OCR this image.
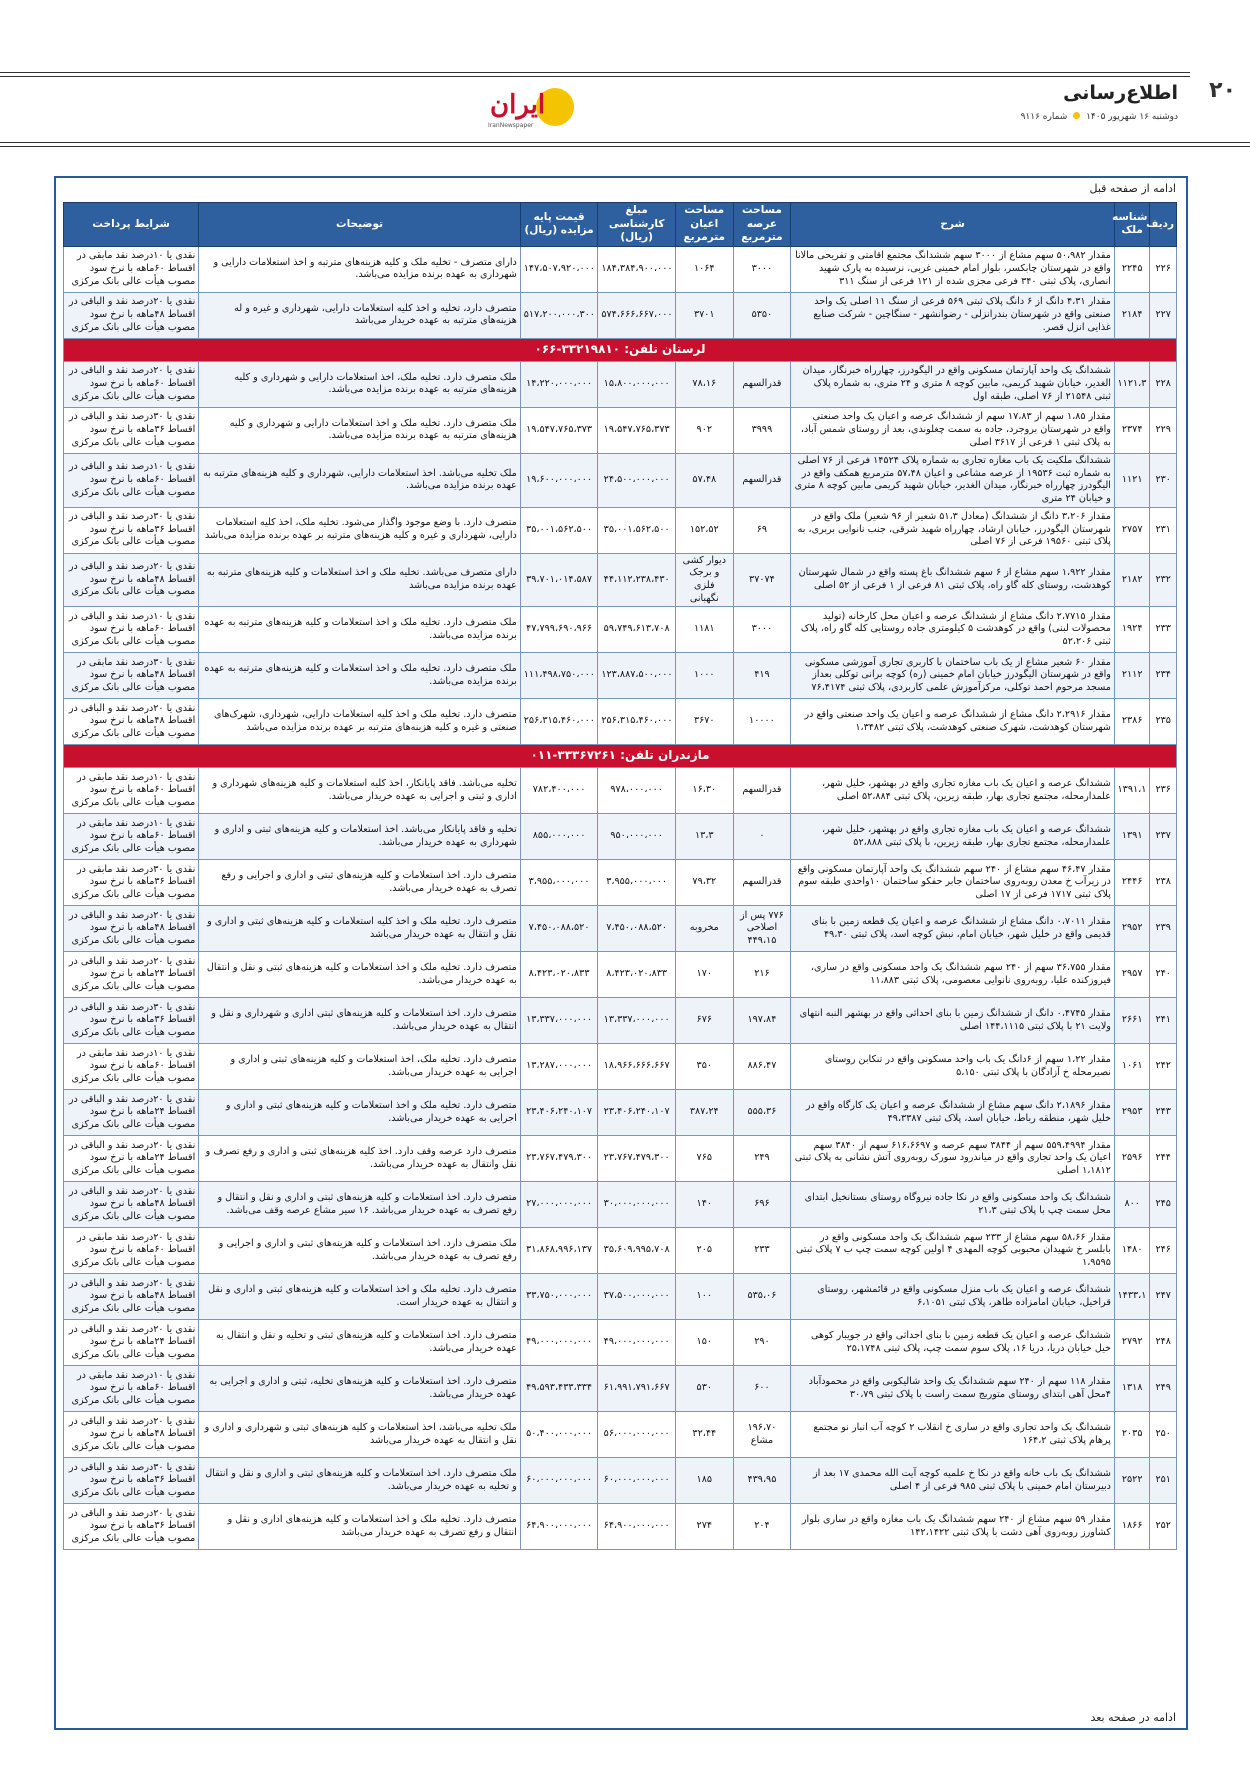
۲۰
اطلاع‌رسانی
دوشنبه ۱۶ شهریور ۱۴۰۵  شماره ۹۱۱۶
ایران
IranNewspaper
ادامه از صفحه قبل
ردیف	شناسه ملک	شرح	مساحت عرصه مترمربع	مساحت اعیان مترمربع	مبلغ کارشناسی (ریال)	قیمت پایه مزایده (ریال)	توضیحات	شرایط پرداخت
۲۲۶	۲۲۴۵	مقدار ۵۰،۹۸۲ سهم مشاع از ۳۰۰۰ سهم ششدانگ مجتمع اقامتی و تفریحی مالانا واقع در شهرستان چابکسر، بلوار امام خمینی غربی، نرسیده به پارک شهید انصاری، پلاک ثبتی ۳۴۰ فرعی مجزی شده از ۱۲۱ فرعی از سنگ ۳۱۱	۳۰۰۰	۱۰۶۴	۱۸۴،۳۸۴،۹۰۰،۰۰۰	۱۴۷،۵۰۷،۹۲۰،۰۰۰	دارای متصرف - تخلیه ملک و کلیه هزینه‌های مترتبه و اخذ استعلامات دارایی و شهرداری به عهده برنده مزایده می‌باشد.	نقدی یا ۱۰درصد نقد مابقی در اقساط ۶۰ماهه با نرخ سود مصوب هیأت عالی بانک مرکزی
۲۲۷	۲۱۸۴	مقدار ۴،۳۱ دانگ از ۶ دانگ پلاک ثبتی ۵۶۹ فرعی از سنگ ۱۱ اصلی یک واحد صنعتی واقع در شهرستان بندرانزلی - رضوانشهر - سنگاچین - شرکت صنایع غذایی انزل قصر.	۵۳۵۰	۳۷۰۱	۵۷۴،۶۶۶،۶۶۷،۰۰۰	۵۱۷،۲۰۰،۰۰۰،۳۰۰	متصرف دارد، تخلیه و اخذ کلیه استعلامات دارایی، شهرداری و غیره و له هزینه‌های مترتبه به عهده خریدار می‌باشد	نقدی یا ۲۰درصد نقد و الباقی در اقساط ۴۸ماهه با نرخ سود مصوب هیأت عالی بانک مرکزی
لرستان تلفن: ۳۳۲۱۹۸۱۰-۰۶۶								
۲۲۸	۱۱۲۱،۳	ششدانگ یک واحد آپارتمان مسکونی واقع در الیگودرز، چهارراه خبرنگار، میدان الغدیر، خیابان شهید کریمی، مابین کوچه ۸ متری و ۲۴ متری، به شماره پلاک ثبتی ۲۱۵۴۸ از ۷۶ اصلی، طبقه اول	قدرالسهم	۷۸،۱۶	۱۵،۸۰۰،۰۰۰،۰۰۰	۱۴،۲۲۰،۰۰۰،۰۰۰	ملک متصرف دارد. تخلیه ملک، اخذ استعلامات دارایی و شهرداری و کلیه هزینه‌های مترتبه به عهده برنده مزایده می‌باشد.	نقدی یا ۲۰درصد نقد و الباقی در اقساط ۶۰ماهه با نرخ سود مصوب هیأت عالی بانک مرکزی
۲۲۹	۲۳۷۴	مقدار ۱،۸۵ سهم از ۱۷،۸۳ سهم از ششدانگ عرصه و اعیان یک واحد صنعتی واقع در شهرستان بروجرد، جاده به سمت چغلوندی، بعد از روستای شمس آباد، به پلاک ثبتی ۱ فرعی از ۳۶۱۷ اصلی	۳۹۹۹	۹۰۲	۱۹،۵۴۷،۷۶۵،۳۷۳	۱۹،۵۴۷،۷۶۵،۳۷۳	ملک متصرف دارد. تخلیه ملک و اخذ استعلامات دارایی و شهرداری و کلیه هزینه‌های مترتبه به عهده برنده مزایده می‌باشد.	نقدی یا ۳۰درصد نقد و الباقی در اقساط ۳۶ماهه با نرخ سود مصوب هیأت عالی بانک مرکزی
۲۳۰	۱۱۲۱	ششدانگ ملکیت یک باب مغازه تجاری به شماره پلاک ۱۴۵۲۴ فرعی از ۷۶ اصلی به شماره ثبت ۱۹۵۳۶ از عرصه مشاعی و اعیان ۵۷،۴۸ مترمربع همکف واقع در الیگودرز چهارراه خبرنگار، میدان الغدیر، خیابان شهید کریمی مابین کوچه ۸ متری و خیابان ۲۴ متری	قدرالسهم	۵۷،۴۸	۲۴،۵۰۰،۰۰۰،۰۰۰	۱۹،۶۰۰،۰۰۰،۰۰۰	ملک تخلیه می‌باشد. اخذ استعلامات دارایی، شهرداری و کلیه هزینه‌های مترتبه به عهده برنده مزایده می‌باشد.	نقدی یا ۱۰درصد نقد و الباقی در اقساط ۶۰ماهه با نرخ سود مصوب هیأت عالی بانک مرکزی
۲۳۱	۲۷۵۷	مقدار ۳،۲۰۶ دانگ از ششدانگ (معادل ۵۱،۳ شعیر از ۹۶ شعیر) ملک واقع در شهرستان الیگودرز، خیابان ارشاد، چهارراه شهید شرقی، جنب نانوایی بربری، به پلاک ثبتی ۱۹۵۶۰ فرعی از ۷۶ اصلی	۶۹	۱۵۲،۵۲	۳۵،۰۰۱،۵۶۲،۵۰۰	۳۵،۰۰۱،۵۶۲،۵۰۰	متصرف دارد. با وضع موجود واگذار می‌شود. تخلیه ملک، اخذ کلیه استعلامات دارایی، شهرداری و غیره و کلیه هزینه‌های مترتبه بر عهده برنده مزایده می‌باشد	نقدی یا ۳۰درصد نقد و الباقی در اقساط ۳۶ماهه با نرخ سود مصوب هیأت عالی بانک مرکزی
۲۳۲	۲۱۸۲	مقدار ۱،۹۲۲ سهم مشاع از ۶ سهم ششدانگ باغ پسته واقع در شمال شهرستان کوهدشت، روستای کله گاو راه، پلاک ثبتی ۸۱ فرعی از ۱ فرعی از ۵۲ اصلی	۳۷۰۷۴	دیوار کشی و برجک فلزی نگهبانی	۴۴،۱۱۲،۲۳۸،۴۳۰	۳۹،۷۰۱،۰۱۴،۵۸۷	دارای متصرف می‌باشد. تخلیه ملک و اخذ استعلامات و کلیه هزینه‌های مترتبه به عهده برنده مزایده می‌باشد	نقدی یا ۲۰درصد نقد و الباقی در اقساط ۴۸ماهه با نرخ سود مصوب هیأت عالی بانک مرکزی
۲۳۳	۱۹۲۴	مقدار ۲،۷۷۱۵ دانگ مشاع از ششدانگ عرصه و اعیان محل کارخانه (تولید محصولات لبنی) واقع در کوهدشت ۵ کیلومتری جاده روستایی کله گاو راه، پلاک ثبتی ۵۲،۲۰۶	۳۰۰۰	۱۱۸۱	۵۹،۷۴۹،۶۱۳،۷۰۸	۴۷،۷۹۹،۶۹۰،۹۶۶	ملک متصرف دارد. تخلیه ملک و اخذ استعلامات و کلیه هزینه‌های مترتبه به عهده برنده مزایده می‌باشد.	نقدی یا ۱۰درصد نقد و الباقی در اقساط ۶۰ماهه با نرخ سود مصوب هیأت عالی بانک مرکزی
۲۳۴	۲۱۱۲	مقدار ۶۰ شعیر مشاع از یک باب ساختمان با کاربری تجاری آموزشی مسکونی واقع در شهرستان الیگودرز خیابان امام خمینی (ره) کوچه برانی توکلی بعداز مسجد مرحوم احمد توکلی، مرکزآموزش علمی کاربردی، پلاک ثبتی ۷۶،۴۱۷۴	۴۱۹	۱۰۰۰	۱۲۳،۸۸۷،۵۰۰،۰۰۰	۱۱۱،۴۹۸،۷۵۰،۰۰۰	ملک متصرف دارد. تخلیه ملک و اخذ استعلامات و کلیه هزینه‌های مترتبه به عهده برنده مزایده می‌باشد.	نقدی یا ۳۰درصد نقد مابقی در اقساط ۴۸ماهه با نرخ سود مصوب هیأت عالی بانک مرکزی
۲۳۵	۲۳۸۶	مقدار ۲،۲۹۱۶ دانگ مشاع از ششدانگ عرصه و اعیان یک واحد صنعتی واقع در شهرستان کوهدشت، شهرک صنعتی کوهدشت، پلاک ثبتی ۱،۳۴۸۲	۱۰۰۰۰	۳۶۷۰	۲۵۶،۳۱۵،۴۶۰،۰۰۰	۲۵۶،۳۱۵،۴۶۰،۰۰۰	متصرف دارد. تخلیه ملک و اخذ کلیه استعلامات دارایی، شهرداری، شهرک‌های صنعتی و غیره و کلیه هزینه‌های مترتبه بر عهده برنده مزایده می‌باشد	نقدی یا ۲۰درصد نقد و الباقی در اقساط ۴۸ماهه با نرخ سود مصوب هیأت عالی بانک مرکزی
مازندران تلفن: ۳۳۳۶۷۲۶۱-۰۱۱								
۲۳۶	۱۳۹۱،۱	ششدانگ عرصه و اعیان یک باب مغازه تجاری واقع در بهشهر، خلیل شهر، علمدارمحله، مجتمع تجاری بهار، طبقه زیرین، پلاک ثبتی ۵۲،۸۸۴ اصلی	قدرالسهم	۱۶،۳۰	۹۷۸،۰۰۰،۰۰۰	۷۸۲،۴۰۰،۰۰۰	تخلیه می‌باشد. فاقد پایانکار، اخذ کلیه استعلامات و کلیه هزینه‌های شهرداری و اداری و ثبتی و اجرایی به عهده خریدار می‌باشد.	نقدی یا ۱۰درصد نقد مابقی در اقساط ۶۰ماهه با نرخ سود مصوب هیأت عالی بانک مرکزی
۲۳۷	۱۳۹۱	ششدانگ عرصه و اعیان یک باب مغازه تجاری واقع در بهشهر، خلیل شهر، علمدارمحله، مجتمع تجاری بهار، طبقه زیرین، با پلاک ثبتی ۵۲،۸۸۸	۰	۱۳،۳	۹۵۰،۰۰۰،۰۰۰	۸۵۵،۰۰۰،۰۰۰	تخلیه و فاقد پایانکار می‌باشد. اخذ استعلامات و کلیه هزینه‌های ثبتی و اداری و شهرداری به عهده خریدار می‌باشد.	نقدی یا ۱۰درصد نقد مابقی در اقساط ۶۰ماهه با نرخ سود مصوب هیأت عالی بانک مرکزی
۲۳۸	۲۴۴۶	مقدار ۴۶،۴۷ سهم مشاع از ۲۴۰ سهم ششدانگ یک واحد آپارتمان مسکونی واقع در زیرآب خ معدن روبه‌روی ساختمان جابر حفکو ساختمان ۱۰واحدی طبقه سوم پلاک ثبتی ۱۷۱۷ فرعی از ۱۷ اصلی	قدرالسهم	۷۹،۳۲	۳،۹۵۵،۰۰۰،۰۰۰	۳،۹۵۵،۰۰۰،۰۰۰	متصرف دارد. اخذ استعلامات و کلیه هزینه‌های ثبتی و اداری و اجرایی و رفع تصرف به عهده خریدار می‌باشد.	نقدی یا ۳۰درصد نقد مابقی در اقساط ۳۶ماهه با نرخ سود مصوب هیأت عالی بانک مرکزی
۲۳۹	۲۹۵۲	مقدار ۰،۷۰۱۱ دانگ مشاع از ششدانگ عرصه و اعیان یک قطعه زمین با بنای قدیمی واقع در خلیل شهر، خیابان امام، نبش کوچه اسد، پلاک ثبتی ۴۹،۳۰	۷۷۶ پس از اصلاحی ۴۴۹،۱۵	مخروبه	۷،۴۵۰،۰۸۸،۵۲۰	۷،۴۵۰،۰۸۸،۵۲۰	متصرف دارد. تخلیه ملک و اخذ کلیه استعلامات و کلیه هزینه‌های ثبتی و اداری و نقل و انتقال به عهده خریدار می‌باشد	نقدی یا ۲۰درصد نقد و الباقی در اقساط ۴۸ماهه با نرخ سود مصوب هیأت عالی بانک مرکزی
۲۴۰	۲۹۵۷	مقدار ۳۶،۷۵۵ سهم از ۲۴۰ سهم ششدانگ یک واحد مسکونی واقع در ساری، فیروزکنده علیا، روبه‌روی نانوایی معصومی، پلاک ثبتی ۱۱،۸۸۳	۲۱۶	۱۷۰	۸،۴۲۳،۰۲۰،۸۳۳	۸،۴۲۳،۰۲۰،۸۳۳	متصرف دارد. تخلیه ملک و اخذ استعلامات و کلیه هزینه‌های ثبتی و نقل و انتقال به عهده خریدار می‌باشد.	نقدی یا ۲۰درصد نقد و الباقی در اقساط ۲۴ماهه با نرخ سود مصوب هیأت عالی بانک مرکزی
۲۴۱	۲۶۶۱	مقدار ۰،۴۷۴۵ دانگ از ششدانگ زمین با بنای احداثی واقع در بهشهر النبه انتهای ولایت ۲۱ با پلاک ثبتی ۱۴۴،۱۱۱۵ اصلی	۱۹۷،۸۴	۶۷۶	۱۳،۳۳۷،۰۰۰،۰۰۰	۱۳،۳۳۷،۰۰۰،۰۰۰	متصرف دارد. اخذ استعلامات و کلیه هزینه‌های ثبتی اداری و شهرداری و نقل و انتقال به عهده خریدار می‌باشد.	نقدی یا ۳۰درصد نقد و الباقی در اقساط ۳۶ماهه با نرخ سود مصوب هیأت عالی بانک مرکزی
۲۴۲	۱۰۶۱	مقدار ۱،۲۲ سهم از ۶دانگ یک باب واحد مسکونی واقع در تنکابن روستای نصیرمحله خ آزادگان با پلاک ثبتی ۵،۱۵۰	۸۸۶،۴۷	۳۵۰	۱۸،۹۶۶،۶۶۶،۶۶۷	۱۳،۲۸۷،۰۰۰،۰۰۰	متصرف دارد. تخلیه ملک، اخذ استعلامات و کلیه هزینه‌های ثبتی و اداری و اجرایی به عهده خریدار می‌باشد.	نقدی یا ۱۰درصد نقد مابقی در اقساط ۶۰ماهه با نرخ سود مصوب هیأت عالی بانک مرکزی
۲۴۳	۲۹۵۳	مقدار ۲،۱۸۹۶ دانگ سهم مشاع از ششدانگ عرصه و اعیان یک کارگاه واقع در خلیل شهر، منطقه رباط، خیابان اسد، پلاک ثبتی ۴۹،۳۳۸۷	۵۵۵،۳۶	۳۸۷،۲۴	۲۳،۴۰۶،۲۴۰،۱۰۷	۲۳،۴۰۶،۲۴۰،۱۰۷	متصرف دارد. تخلیه ملک و اخذ استعلامات و کلیه هزینه‌های ثبتی و اداری و اجرایی به عهده خریدار می‌باشد.	نقدی یا ۲۰درصد نقد و الباقی در اقساط ۲۴ماهه با نرخ سود مصوب هیأت عالی بانک مرکزی
۲۴۴	۲۵۹۶	مقدار ۵۵۹،۴۹۹۴ سهم از ۳۸۴۴ سهم عرصه و ۶۱۶،۶۶۹۷ سهم از ۳۸۴۰ سهم اعیان یک واحد تجاری واقع در میاندرود سورک روبه‌روی آتش نشانی به پلاک ثبتی ۱،۱۸۱۲ اصلی	۲۴۹	۷۶۵	۲۳،۷۶۷،۴۷۹،۳۰۰	۲۳،۷۶۷،۴۷۹،۳۰۰	متصرف دارد عرصه وقف دارد. اخذ کلیه هزینه‌های ثبتی و اداری و رفع تصرف و نقل وانتقال به عهده خریدار می‌باشد.	نقدی یا ۲۰درصد نقد و الباقی در اقساط ۲۴ماهه با نرخ سود مصوب هیأت عالی بانک مرکزی
۲۴۵	۸۰۰	ششدانگ یک واحد مسکونی واقع در نکا جاده نیروگاه روستای بستانخیل ابتدای محل سمت چپ با پلاک ثبتی ۲۱،۳	۶۹۶	۱۴۰	۳۰،۰۰۰،۰۰۰،۰۰۰	۲۷،۰۰۰،۰۰۰،۰۰۰	متصرف دارد. اخذ استعلامات و کلیه هزینه‌های ثبتی و اداری و نقل و انتقال و رفع تصرف به عهده خریدار می‌باشد. ۱۶ سیر مشاع عرصه وقف می‌باشد.	نقدی یا ۲۰درصد نقد و الباقی در اقساط ۴۸ماهه با نرخ سود مصوب هیأت عالی بانک مرکزی
۲۴۶	۱۴۸۰	مقدار ۵۸،۶۶ سهم مشاع از ۲۳۳ سهم ششدانگ یک واحد مسکونی واقع در بابلسر خ شهیدان محبوبی کوچه المهدی ۴ اولین کوچه سمت چپ ب ۷ پلاک ثبتی ۱،۹۵۹۵	۲۳۳	۲۰۵	۳۵،۶۰۹،۹۹۵،۷۰۸	۳۱،۸۶۸،۹۹۶،۱۳۷	ملک متصرف دارد. اخذ استعلامات و کلیه هزینه‌های ثبتی و اداری و اجرایی و رفع تصرف به عهده خریدار می‌باشد.	نقدی یا ۲۰درصد نقد مابقی در اقساط ۶۰ماهه با نرخ سود مصوب هیأت عالی بانک مرکزی
۲۴۷	۱۴۳۳،۱	ششدانگ عرصه و اعیان یک باب منزل مسکونی واقع در قائمشهر، روستای قراخیل، خیابان امامزاده طاهر، پلاک ثبتی ۶،۱۰۵۱	۵۳۵،۰۶	۱۰۰	۳۷،۵۰۰،۰۰۰،۰۰۰	۳۳،۷۵۰،۰۰۰،۰۰۰	متصرف دارد. تخلیه ملک و اخذ استعلامات و کلیه هزینه‌های ثبتی و اداری و نقل و انتقال به عهده خریدار است.	نقدی یا ۲۰درصد نقد و الباقی در اقساط ۴۸ماهه با نرخ سود مصوب هیأت عالی بانک مرکزی
۲۴۸	۲۷۹۲	ششدانگ عرصه و اعیان یک قطعه زمین با بنای احداثی واقع در جویبار کوهی خیل خیابان دریا، دریا ۱۶، پلاک سوم سمت چپ، پلاک ثبتی ۲۵،۱۷۴۸	۲۹۰	۱۵۰	۴۹،۰۰۰،۰۰۰،۰۰۰	۴۹،۰۰۰،۰۰۰،۰۰۰	متصرف دارد. اخذ استعلامات و کلیه هزینه‌های ثبتی و تخلیه و نقل و انتقال به عهده خریدار می‌باشد.	نقدی یا ۲۰درصد نقد و الباقی در اقساط ۲۴ماهه با نرخ سود مصوب هیأت عالی بانک مرکزی
۲۴۹	۱۳۱۸	مقدار ۱۱۸ سهم از ۲۴۰ سهم ششدانگ یک واحد شالیکوبی واقع در محمودآباد ۴محل آهی ابتدای روستای متوریج سمت راست با پلاک ثبتی ۳۰،۷۹	۶۰۰	۵۳۰	۶۱،۹۹۱،۷۹۱،۶۶۷	۴۹،۵۹۳،۴۳۳،۳۳۴	متصرف دارد. اخذ استعلامات و کلیه هزینه‌های تخلیه، ثبتی و اداری و اجرایی به عهده خریدار می‌باشد.	نقدی یا ۱۰درصد نقد مابقی در اقساط ۶۰ماهه با نرخ سود مصوب هیأت عالی بانک مرکزی
۲۵۰	۲۰۳۵	ششدانگ یک واحد تجاری واقع در ساری خ انقلاب ۲ کوچه آب انبار نو مجتمع پرهام پلاک ثبتی ۱۶۴،۲	۱۹۶،۷۰ مشاع	۳۲،۴۴	۵۶،۰۰۰،۰۰۰،۰۰۰	۵۰،۴۰۰،۰۰۰،۰۰۰	ملک تخلیه می‌باشد، اخذ استعلامات و کلیه هزینه‌های ثبتی و شهرداری و اداری و نقل و انتقال به عهده خریدار می‌باشد	نقدی یا ۲۰درصد نقد و الباقی در اقساط ۴۸ماهه با نرخ سود مصوب هیأت عالی بانک مرکزی
۲۵۱	۲۵۲۲	ششدانگ یک باب خانه واقع در نکا خ علمیه کوچه آیت الله محمدی ۱۷ بعد از دبیرستان امام خمینی با پلاک ثبتی ۹۸۵ فرعی از ۴ اصلی	۴۳۹،۹۵	۱۸۵	۶۰،۰۰۰،۰۰۰،۰۰۰	۶۰،۰۰۰،۰۰۰،۰۰۰	ملک متصرف دارد. اخذ استعلامات و کلیه هزینه‌های ثبتی و اداری و نقل و انتقال و تخلیه به عهده خریدار می‌باشد.	نقدی یا ۳۰درصد نقد و الباقی در اقساط ۳۶ماهه با نرخ سود مصوب هیأت عالی بانک مرکزی
۲۵۲	۱۸۶۶	مقدار ۵۹ سهم مشاع از ۲۴۰ سهم ششدانگ یک باب مغازه واقع در ساری بلوار کشاورز روبه‌روی آهی دشت با پلاک ثبتی ۱۴۲،۱۴۲۲	۲۰۴	۲۷۴	۶۴،۹۰۰،۰۰۰،۰۰۰	۶۴،۹۰۰،۰۰۰،۰۰۰	متصرف دارد. تخلیه ملک و اخذ استعلامات و کلیه هزینه‌های اداری و نقل و انتقال و رفع تصرف به عهده خریدار می‌باشد	نقدی یا ۲۰درصد نقد و الباقی در اقساط ۳۶ماهه با نرخ سود مصوب هیأت عالی بانک مرکزی
ادامه در صفحه بعد
